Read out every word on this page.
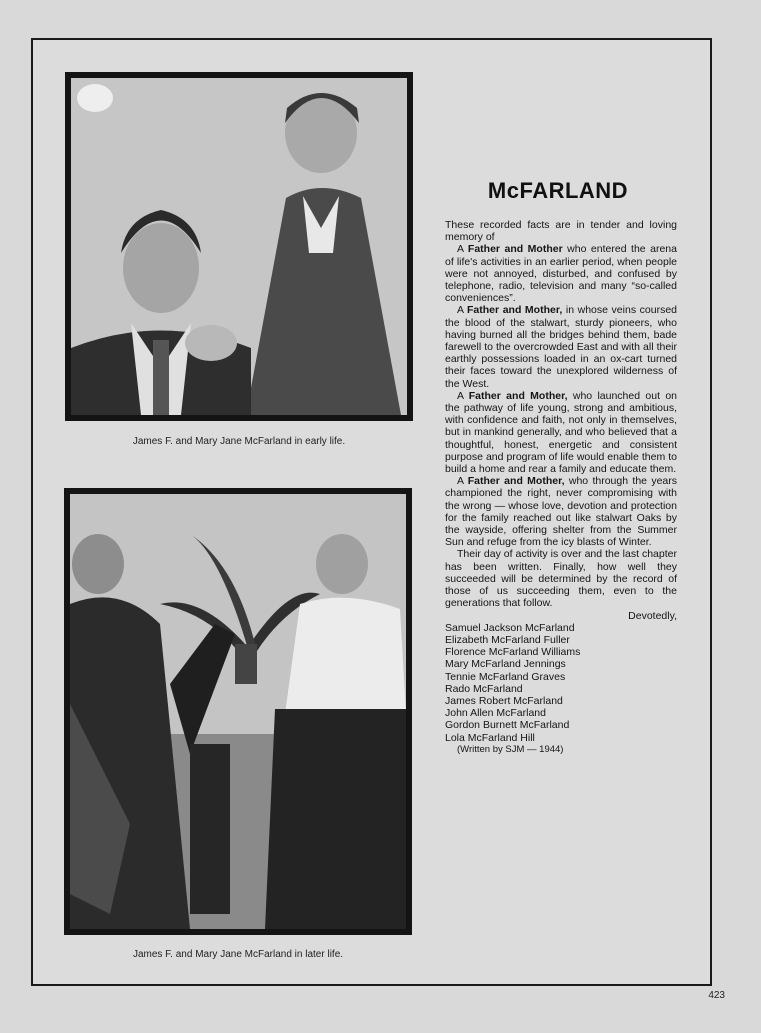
James F. and Mary Jane McFarland in early life.
James F. and Mary Jane McFarland in later life.
McFARLAND

These recorded facts are in tender and loving memory of

A Father and Mother who entered the arena of life's activities in an earlier period, when people were not annoyed, disturbed, and confused by telephone, radio, television and many “so-called conveniences”.

A Father and Mother, in whose veins coursed the blood of the stalwart, sturdy pioneers, who having burned all the bridges behind them, bade farewell to the overcrowded East and with all their earthly possessions loaded in an ox-cart turned their faces toward the unexplored wilderness of the West.

A Father and Mother, who launched out on the pathway of life young, strong and ambitious, with confidence and faith, not only in themselves, but in mankind generally, and who believed that a thoughtful, honest, energetic and consistent purpose and program of life would enable them to build a home and rear a family and educate them.

A Father and Mother, who through the years championed the right, never compromising with the wrong — whose love, devotion and protection for the family reached out like stalwart Oaks by the wayside, offering shelter from the Summer Sun and refuge from the icy blasts of Winter.

Their day of activity is over and the last chapter has been written. Finally, how well they succeeded will be determined by the record of those of us succeeding them, even to the generations that follow.

Devotedly,

Samuel Jackson McFarland
Elizabeth McFarland Fuller
Florence McFarland Williams
Mary McFarland Jennings
Tennie McFarland Graves
Rado McFarland
James Robert McFarland
John Allen McFarland
Gordon Burnett McFarland
Lola McFarland Hill

(Written by SJM — 1944)

423
